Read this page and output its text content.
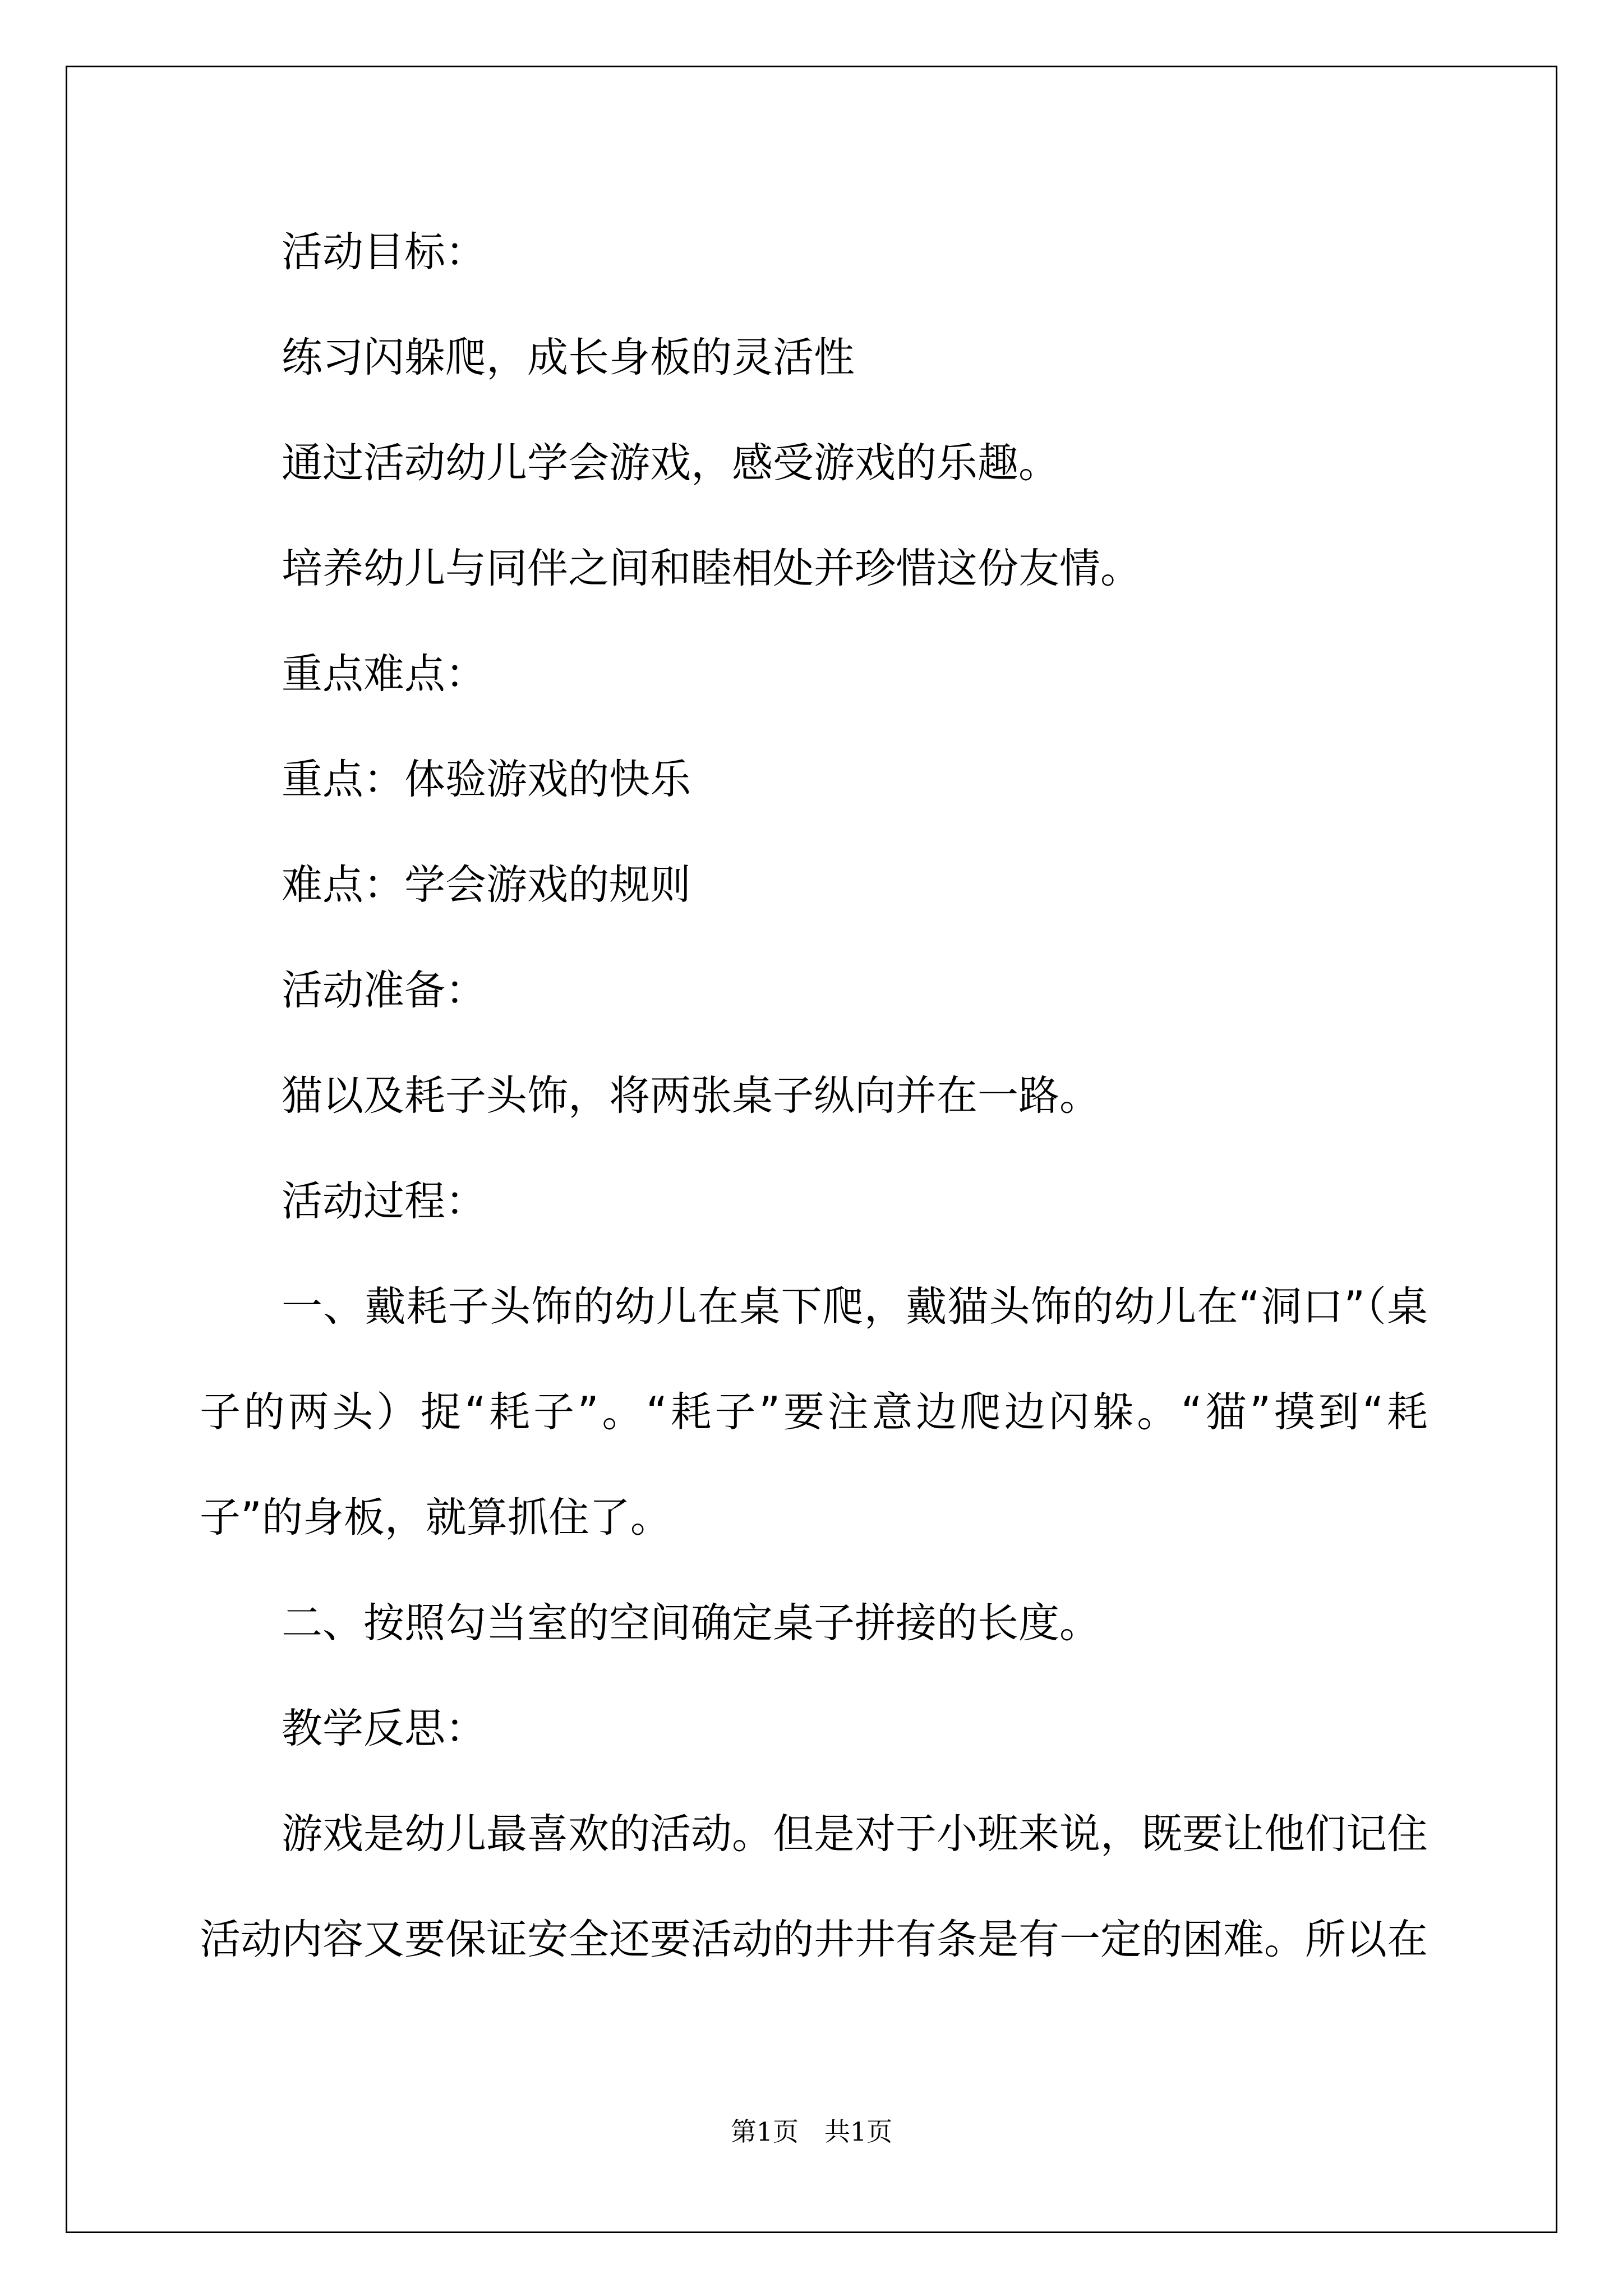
活动目标：

练习闪躲爬，成长身板的灵活性

通过活动幼儿学会游戏，感受游戏的乐趣。

培养幼儿与同伴之间和睦相处并珍惜这份友情。

重点难点：

重点：体验游戏的快乐

难点：学会游戏的规则

活动准备：

猫以及耗子头饰，将两张桌子纵向并在一路。

活动过程：

一、戴耗子头饰的幼儿在桌下爬，戴猫头饰的幼儿在“洞口”（桌子的两头）捉“耗子”。“耗子”要注意边爬边闪躲。“猫”摸到“耗子”的身板，就算抓住了。

二、按照勾当室的空间确定桌子拼接的长度。

教学反思：

游戏是幼儿最喜欢的活动。但是对于小班来说，既要让他们记住活动内容又要保证安全还要活动的井井有条是有一定的困难。所以在

第1页　共1页
